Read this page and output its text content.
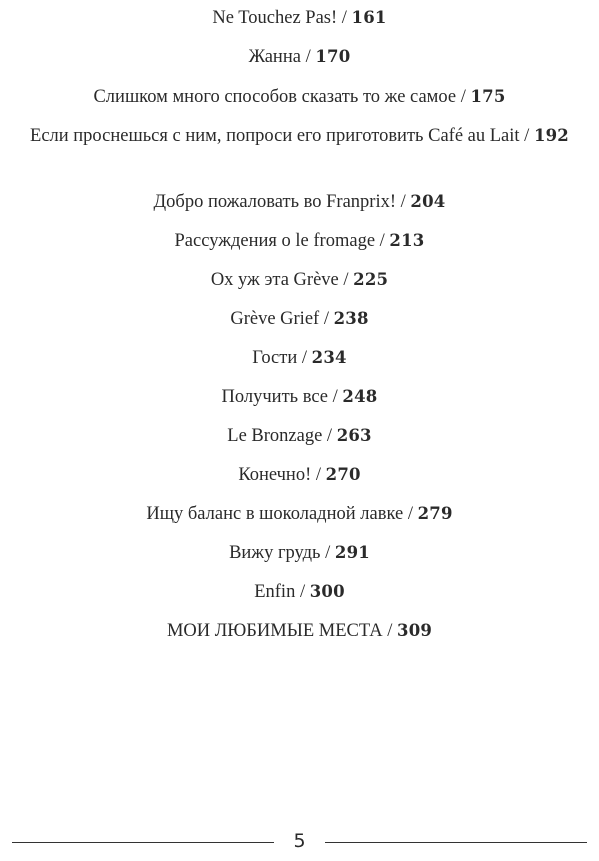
Ne Touchez Pas! / 161
Жанна / 170
Слишком много способов сказать то же самое / 175
Если проснешься с ним, попроси его приготовить Café au Lait / 192
Добро пожаловать во Franprix! / 204
Рассуждения о le fromage / 213
Ох уж эта Grève / 225
Grève Grief / 238
Гости / 234
Получить все / 248
Le Bronzage / 263
Конечно! / 270
Ищу баланс в шоколадной лавке / 279
Вижу грудь / 291
Enfin / 300
МОИ ЛЮБИМЫЕ МЕСТА / 309
5
